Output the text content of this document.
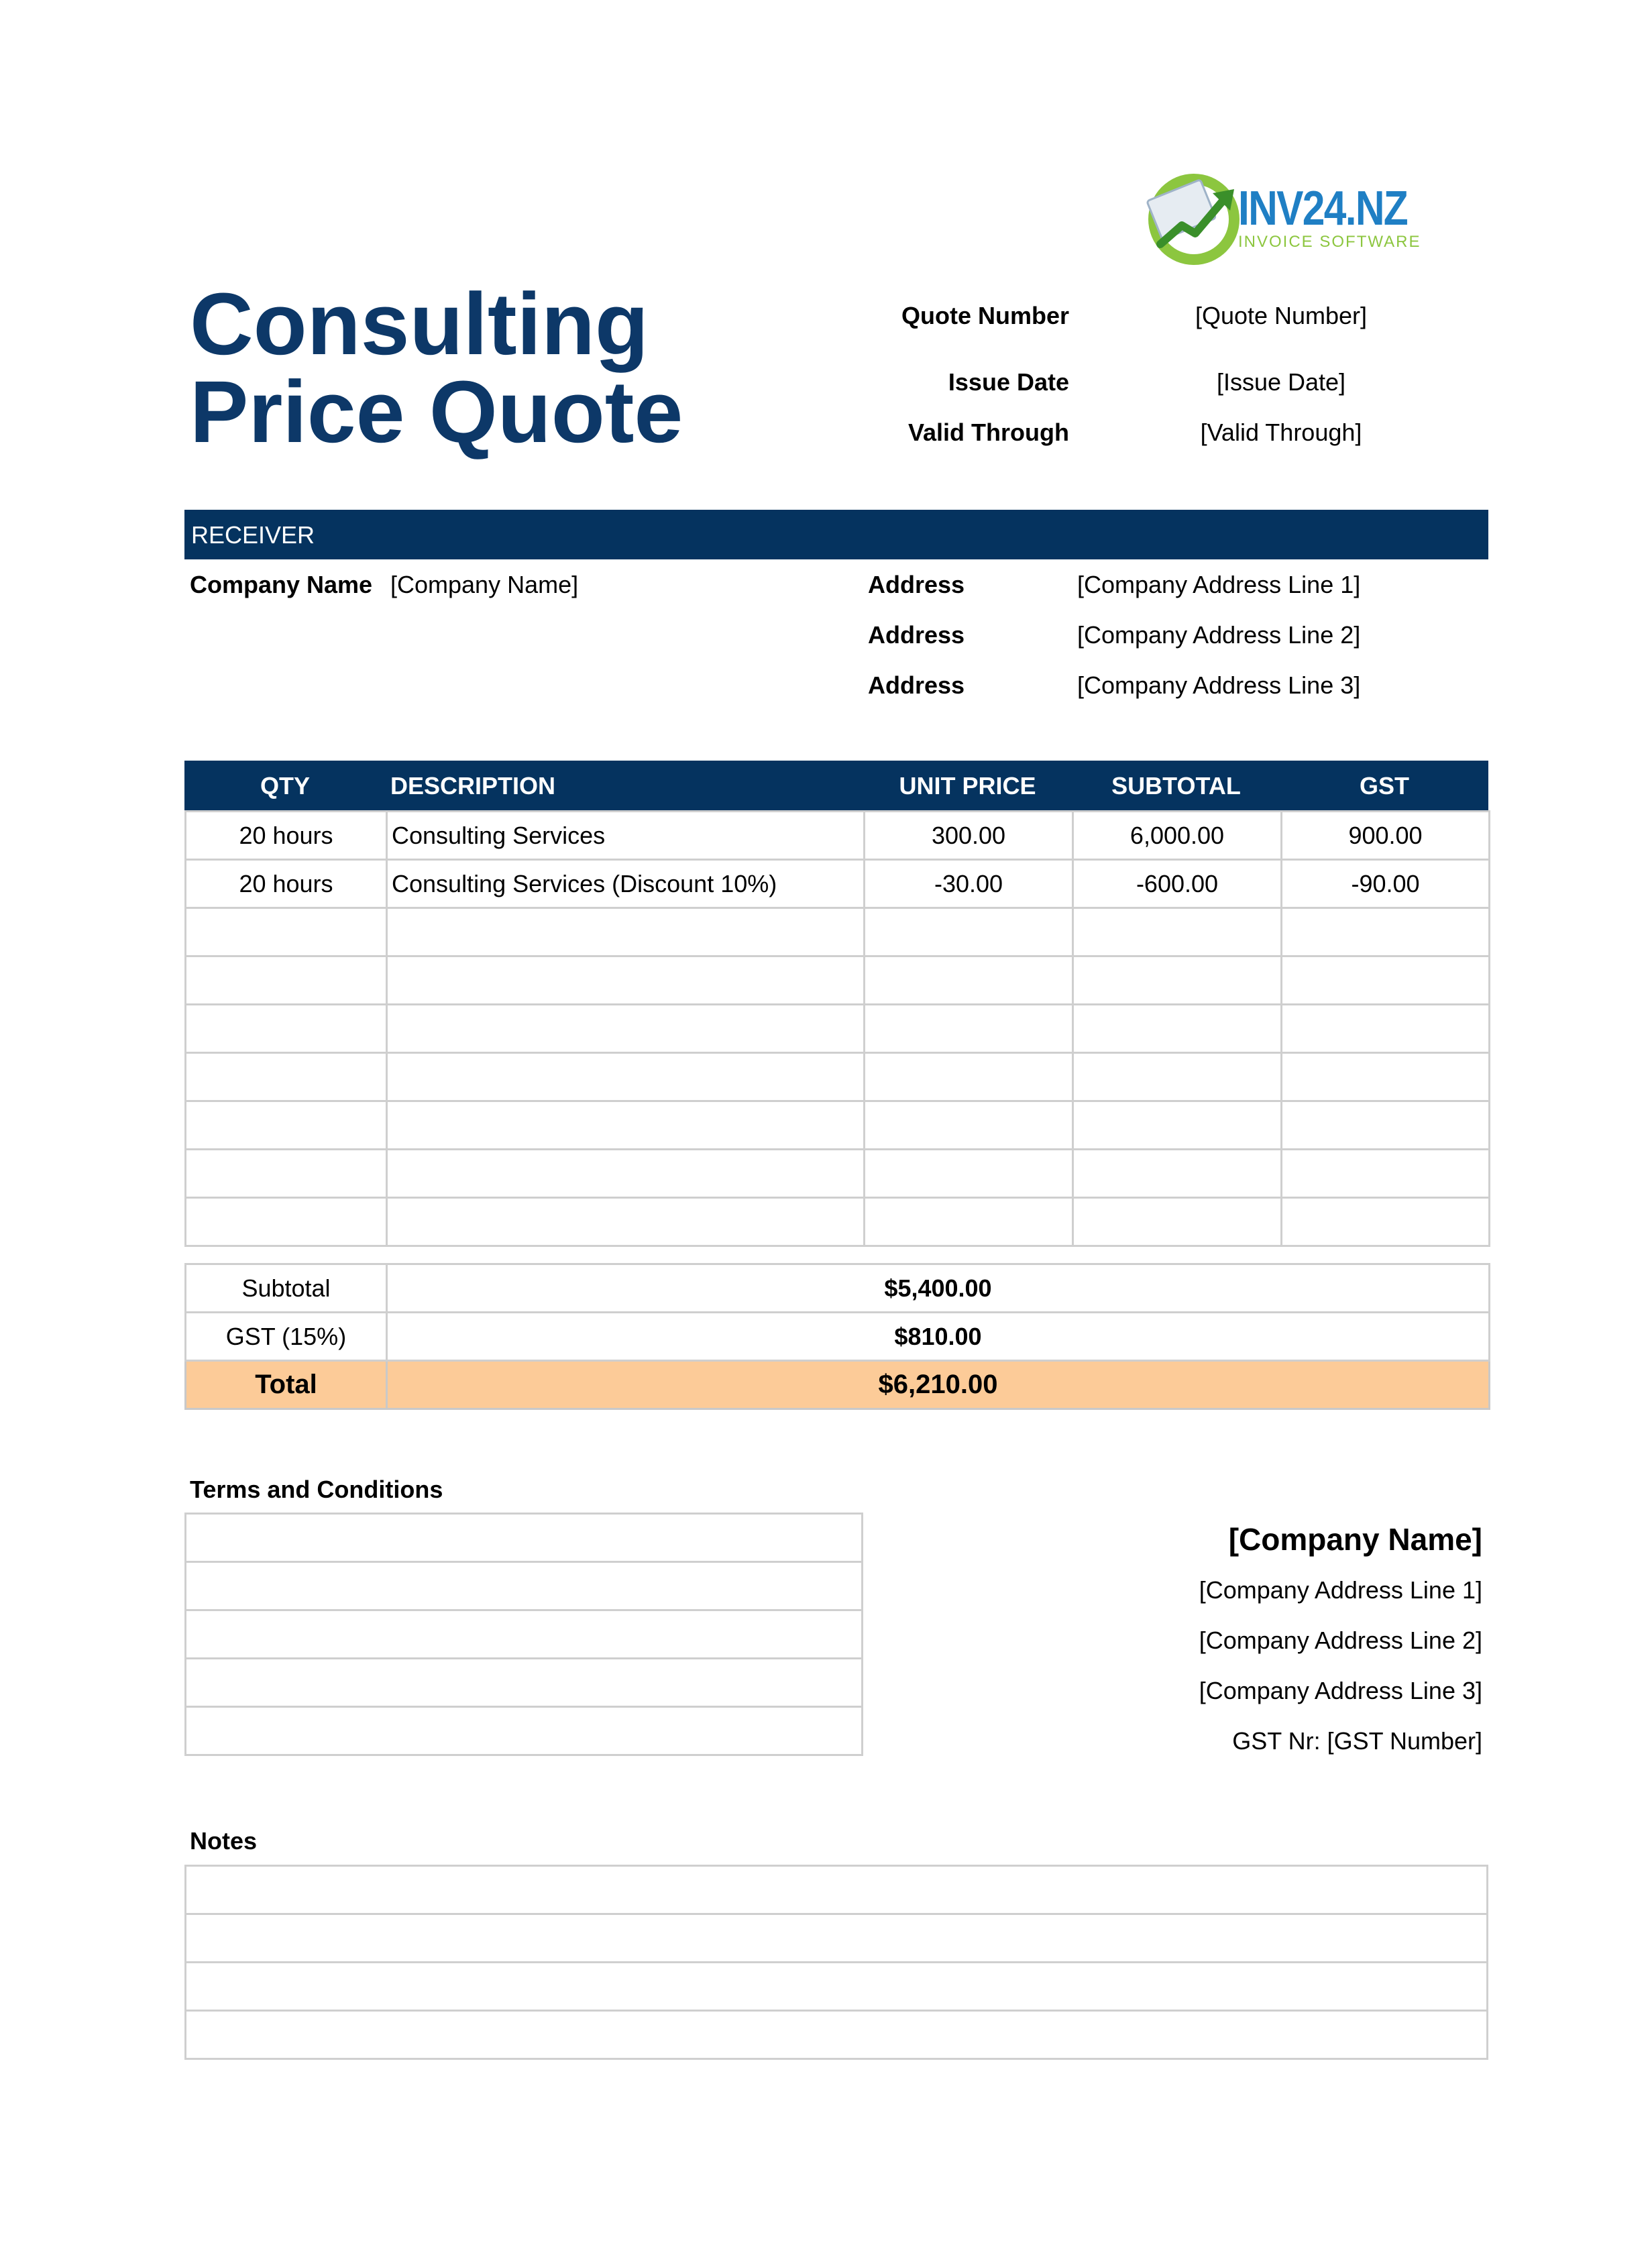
INV24.NZ
INVOICE SOFTWARE
Consulting
Price Quote
Quote Number	[Quote Number]
Issue Date	[Issue Date]
Valid Through	[Valid Through]
RECEIVER
Company Name [Company Name]	Address	[Company Address Line 1]
Address	[Company Address Line 2]
Address	[Company Address Line 3]
QTY	DESCRIPTION	UNIT PRICE	SUBTOTAL	GST
20 hours	Consulting Services	300.00	6,000.00	900.00
20 hours	Consulting Services (Discount 10%)	-30.00	-600.00	-90.00

Subtotal	$5,400.00
GST (15%)	$810.00
Total	$6,210.00
Terms and Conditions

[Company Name]
[Company Address Line 1]
[Company Address Line 2]
[Company Address Line 3]
GST Nr: [GST Number]
Notes
